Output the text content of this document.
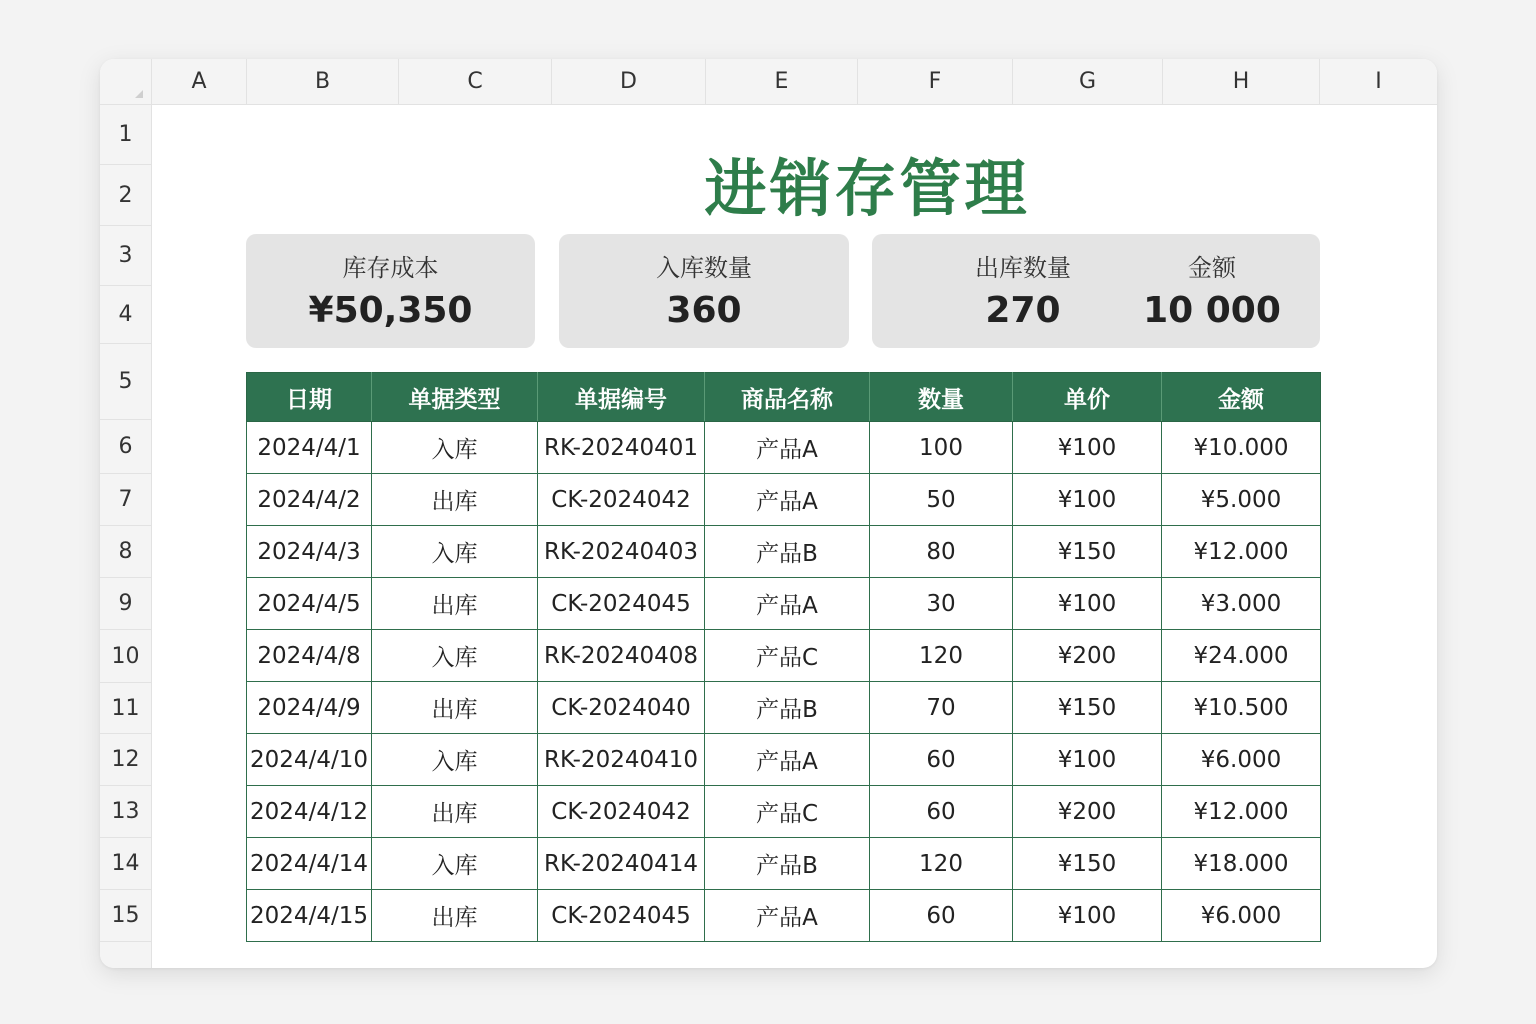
A	B	C	D	E	F	G	H	I
1
2
3
4
5
6
7
8
9
10
11
12
13
14
15
进销存管理
库存成本
¥50,350
入库数量
360
出库数量
270
金额
10 000
日期	单据类型	单据编号	商品名称	数量	单价	金额
2024/4/1	入库	RK-20240401	产品A	100	¥100	¥10.000
2024/4/2	出库	CK-2024042	产品A	50	¥100	¥5.000
2024/4/3	入库	RK-20240403	产品B	80	¥150	¥12.000
2024/4/5	出库	CK-2024045	产品A	30	¥100	¥3.000
2024/4/8	入库	RK-20240408	产品C	120	¥200	¥24.000
2024/4/9	出库	CK-2024040	产品B	70	¥150	¥10.500
2024/4/10	入库	RK-20240410	产品A	60	¥100	¥6.000
2024/4/12	出库	CK-2024042	产品C	60	¥200	¥12.000
2024/4/14	入库	RK-20240414	产品B	120	¥150	¥18.000
2024/4/15	出库	CK-2024045	产品A	60	¥100	¥6.000
